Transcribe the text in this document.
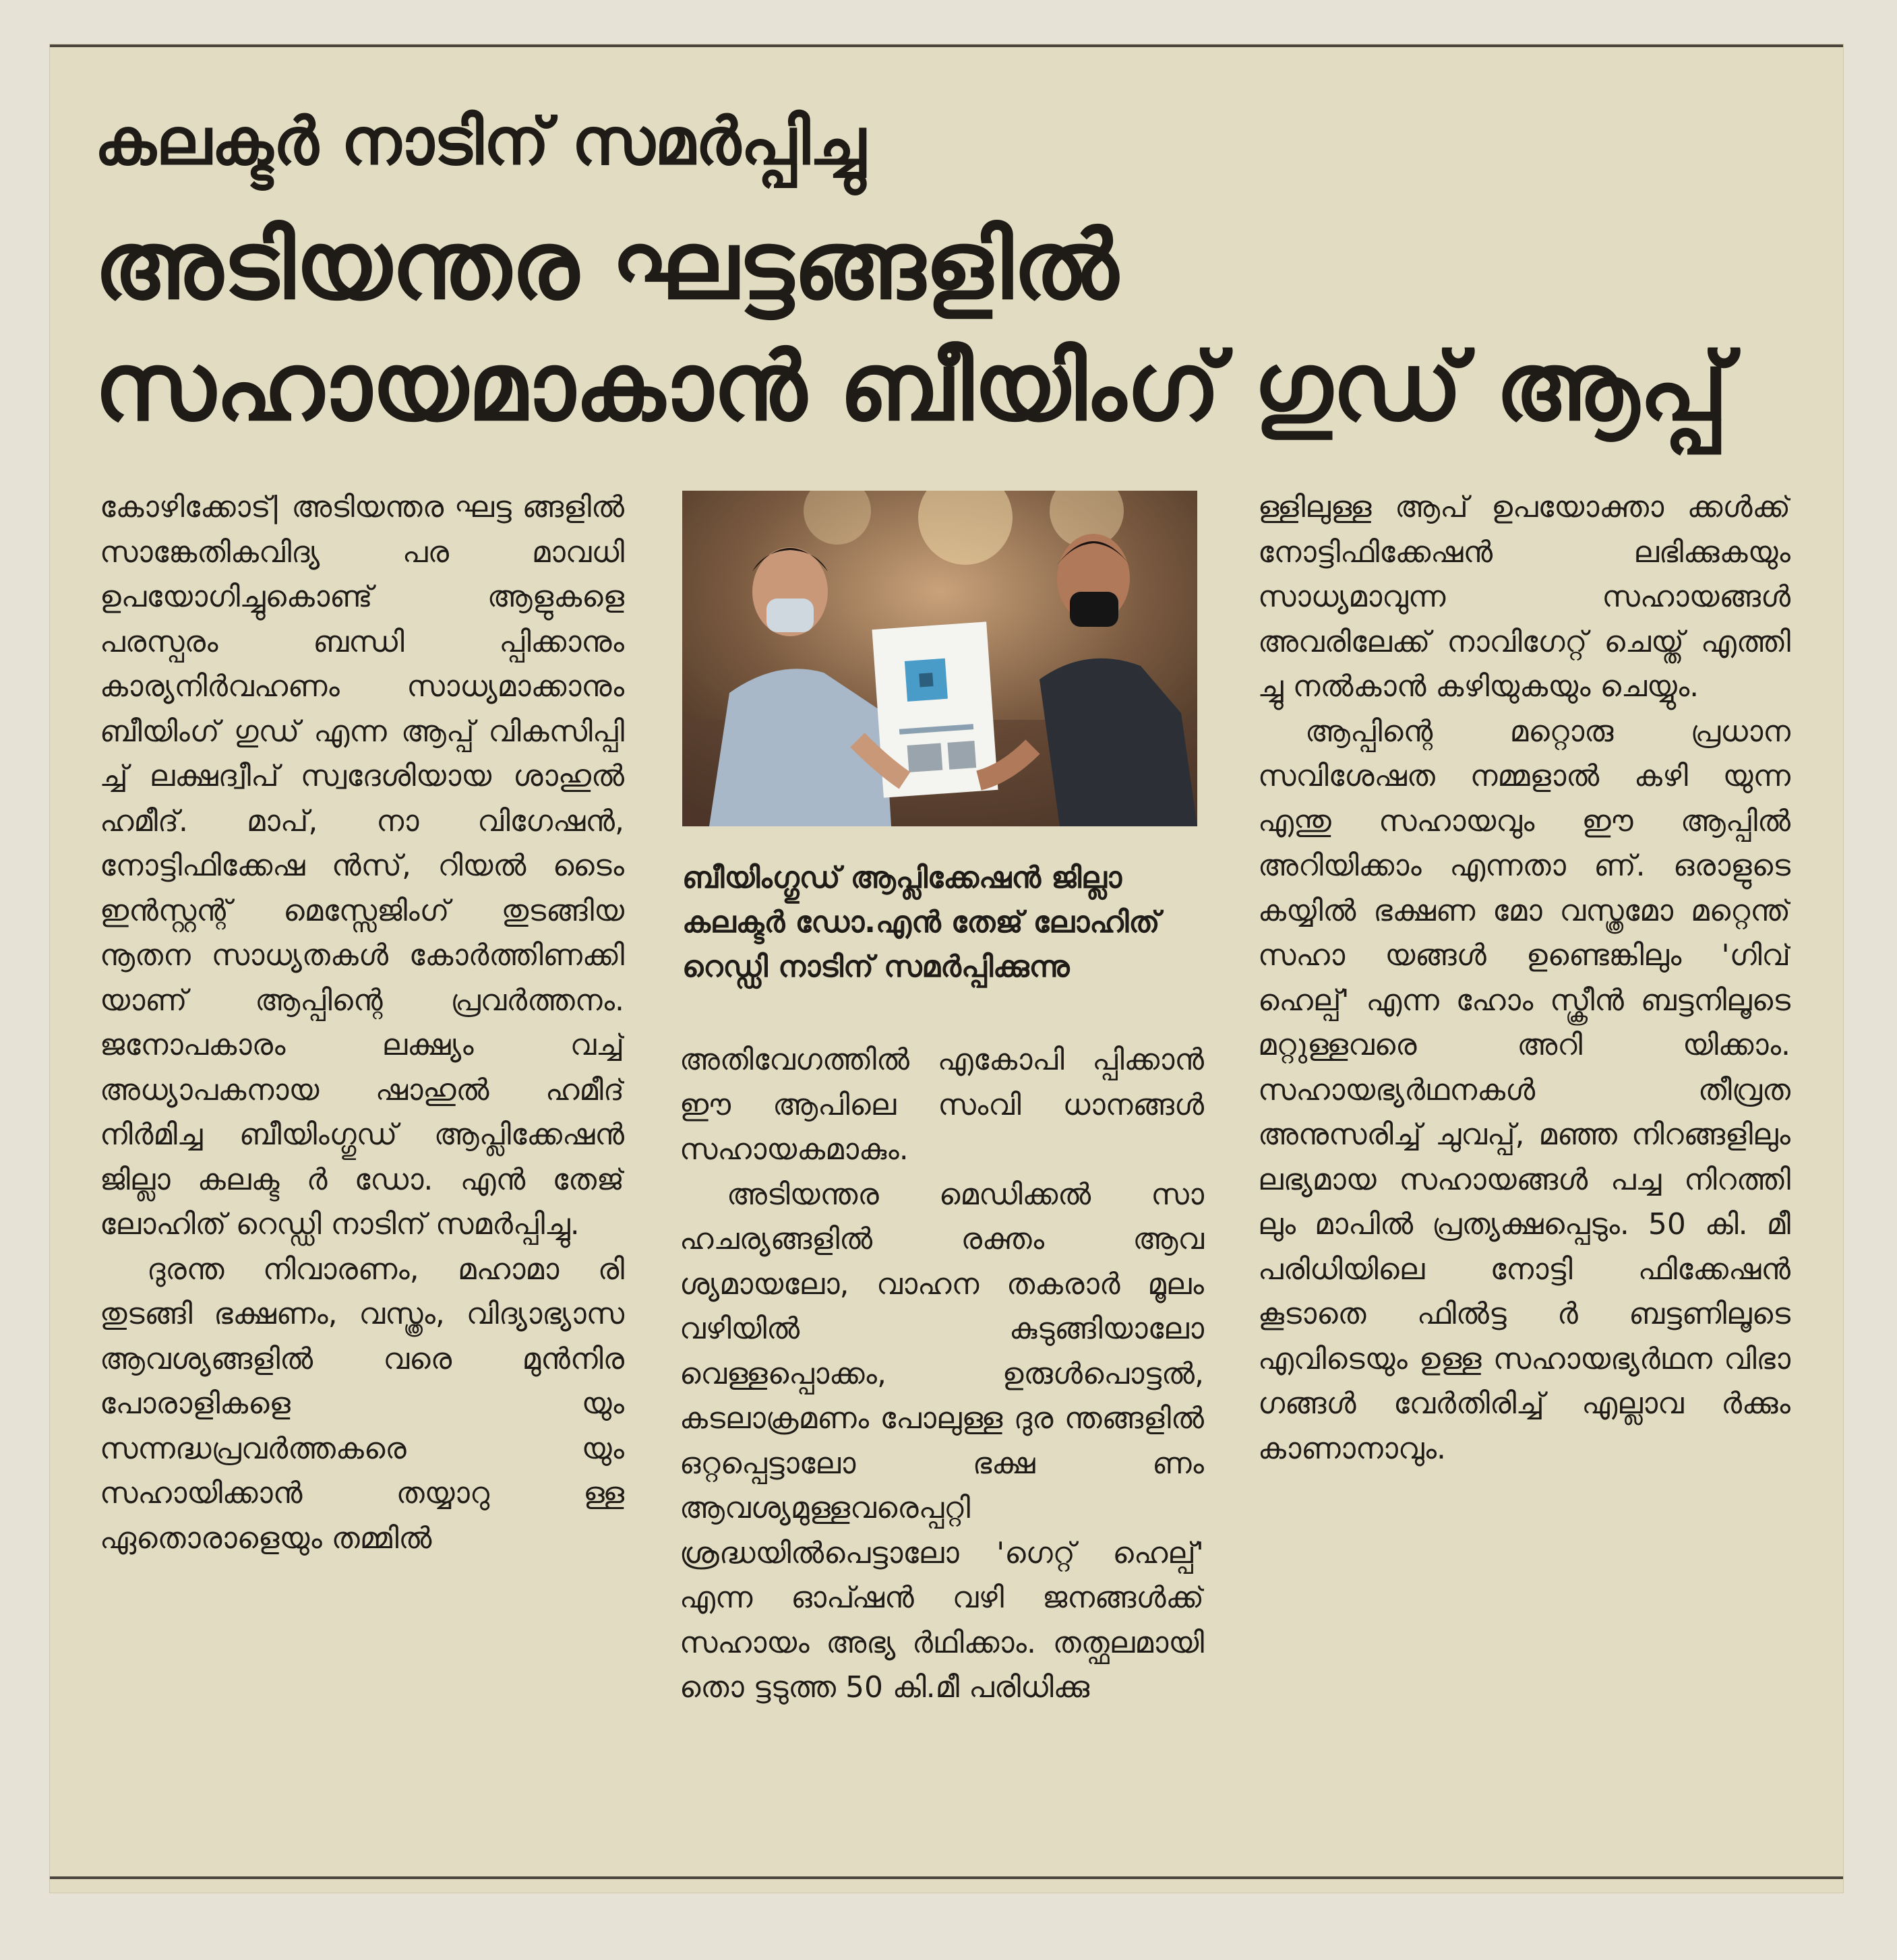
കലക്ടർ നാടിന് സമർപ്പിച്ചു
അടിയന്തര ഘട്ടങ്ങളിൽ
സഹായമാകാൻ ബീയിംഗ് ഗുഡ് ആപ്പ്

കോഴിക്കോട്| അടിയന്തര ഘട്ട ങ്ങളിൽ സാങ്കേതികവിദ്യ പര മാവധി ഉപയോഗിച്ചുകൊണ്ട് ആളുകളെ പരസ്പരം ബന്ധി പ്പിക്കാനും കാര്യനിർവഹണം സാധ്യമാക്കാനും ബീയിംഗ് ഗുഡ് എന്ന ആപ്പ് വികസിപ്പി ച്ച് ലക്ഷദ്വീപ് സ്വദേശിയായ ശാഹുൽ ഹമീദ്. മാപ്, നാ വിഗേഷൻ, നോട്ടിഫിക്കേഷ ൻസ്, റിയൽ ടൈം ഇൻസ്റ്റന്റ് മെസ്സേജിംഗ് തുടങ്ങിയ നൂതന സാധ്യതകൾ കോർത്തിണക്കി യാണ് ആപ്പിന്റെ പ്രവർത്തനം. ജനോപകാരം ലക്ഷ്യം വച്ച് അധ്യാപകനായ ഷാഹുൽ ഹമീദ് നിർമിച്ച ബീയിംഗ്ഗുഡ് ആപ്ലിക്കേഷൻ ജില്ലാ കലക്ട ർ ഡോ. എൻ തേജ് ലോഹിത് റെഡ്ഡി നാടിന് സമർപ്പിച്ചു.

ദുരന്ത നിവാരണം, മഹാമാ രി തുടങ്ങി ഭക്ഷണം, വസ്ത്രം, വിദ്യാഭ്യാസ ആവശ്യങ്ങളിൽ വരെ മുൻനിര പോരാളികളെ യും സന്നദ്ധപ്രവർത്തകരെ യും സഹായിക്കാൻ തയ്യാറു ള്ള ഏതൊരാളെയും തമ്മിൽ

ബീയിംഗ്ഗുഡ് ആപ്ലിക്കേഷൻ ജില്ലാ
കലക്ടർ ഡോ.എൻ തേജ് ലോഹിത്
റെഡ്ഡി നാടിന് സമർപ്പിക്കുന്നു

അതിവേഗത്തിൽ എകോപി പ്പിക്കാൻ ഈ ആപിലെ സംവി ധാനങ്ങൾ സഹായകമാകും.

അടിയന്തര മെഡിക്കൽ സാ ഹചര്യങ്ങളിൽ രക്തം ആവ ശ്യമായലോ, വാഹന തകരാർ മൂലം വഴിയിൽ കുടുങ്ങിയാലോ വെള്ളപ്പൊക്കം, ഉരുൾപൊട്ടൽ, കടലാക്രമണം പോലുള്ള ദുര ന്തങ്ങളിൽ ഒറ്റപ്പെട്ടാലോ ഭക്ഷ ണം ആവശ്യമുള്ളവരെപ്പറ്റി ശ്രദ്ധയിൽപെട്ടാലോ 'ഗെറ്റ് ഹെല്പ്' എന്ന ഓപ്ഷൻ വഴി ജനങ്ങൾക്ക് സഹായം അഭ്യ ർഥിക്കാം. തത്ഫലമായി തൊ ട്ടടുത്ത 50 കി.മീ പരിധിക്കു

ള്ളിലുള്ള ആപ് ഉപയോക്താ ക്കൾക്ക് നോട്ടിഫിക്കേഷൻ ലഭിക്കുകയും സാധ്യമാവുന്ന സഹായങ്ങൾ അവരിലേക്ക് നാവിഗേറ്റ് ചെയ്ത് എത്തി ച്ചു നൽകാൻ കഴിയുകയും ചെയ്യും.

ആപ്പിന്റെ മറ്റൊരു പ്രധാന സവിശേഷത നമ്മളാൽ കഴി യുന്ന എന്തു സഹായവും ഈ ആപ്പിൽ അറിയിക്കാം എന്നതാ ണ്. ഒരാളുടെ കയ്യിൽ ഭക്ഷണ മോ വസ്ത്രമോ മറ്റെന്ത് സഹാ യങ്ങൾ ഉണ്ടെങ്കിലും 'ഗിവ് ഹെല്പ്' എന്ന ഹോം സ്ക്രീൻ ബട്ടനിലൂടെ മറ്റുള്ളവരെ അറി യിക്കാം. സഹായഭ്യർഥനകൾ തീവ്രത അനുസരിച്ച് ചുവപ്പ്, മഞ്ഞ നിറങ്ങളിലും ലഭ്യമായ സഹായങ്ങൾ പച്ച നിറത്തി ലും മാപിൽ പ്രത്യക്ഷപ്പെടും. 50 കി. മീ പരിധിയിലെ നോട്ടി ഫിക്കേഷൻ കൂടാതെ ഫിൽട്ട ർ ബട്ടണിലൂടെ എവിടെയും ഉള്ള സഹായഭ്യർഥന വിഭാ ഗങ്ങൾ വേർതിരിച്ച് എല്ലാവ ർക്കും കാണാനാവും.
